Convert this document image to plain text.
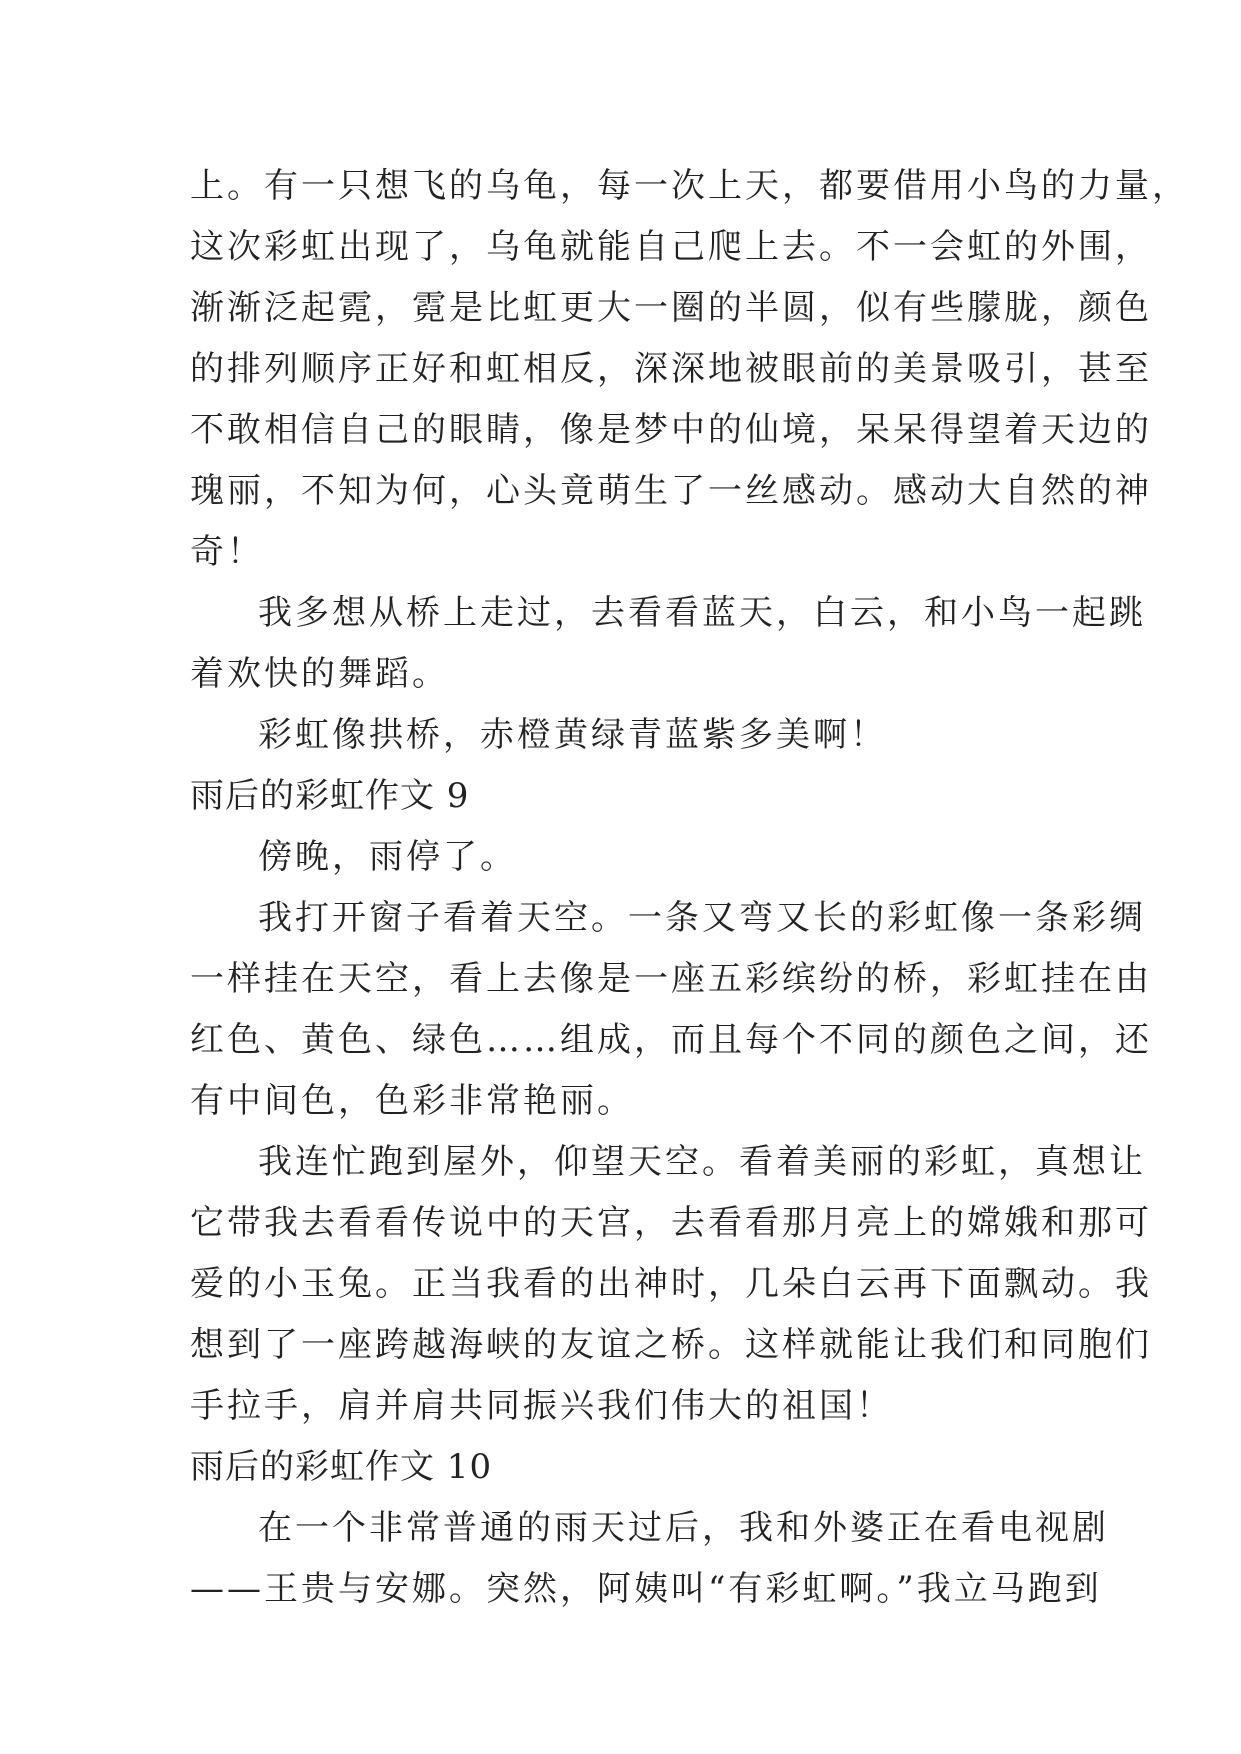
上。有一只想飞的乌龟，每一次上天，都要借用小鸟的力量，
这次彩虹出现了，乌龟就能自己爬上去。不一会虹的外围，
渐渐泛起霓，霓是比虹更大一圈的半圆，似有些朦胧，颜色
的排列顺序正好和虹相反，深深地被眼前的美景吸引，甚至
不敢相信自己的眼睛，像是梦中的仙境，呆呆得望着天边的
瑰丽，不知为何，心头竟萌生了一丝感动。感动大自然的神
奇！
我多想从桥上走过，去看看蓝天，白云，和小鸟一起跳
着欢快的舞蹈。
彩虹像拱桥，赤橙黄绿青蓝紫多美啊！
雨后的彩虹作文 9
傍晚，雨停了。
我打开窗子看着天空。一条又弯又长的彩虹像一条彩绸
一样挂在天空，看上去像是一座五彩缤纷的桥，彩虹挂在由
红色、黄色、绿色……组成，而且每个不同的颜色之间，还
有中间色，色彩非常艳丽。
我连忙跑到屋外，仰望天空。看着美丽的彩虹，真想让
它带我去看看传说中的天宫，去看看那月亮上的嫦娥和那可
爱的小玉兔。正当我看的出神时，几朵白云再下面飘动。我
想到了一座跨越海峡的友谊之桥。这样就能让我们和同胞们
手拉手，肩并肩共同振兴我们伟大的祖国！
雨后的彩虹作文 10
在一个非常普通的雨天过后，我和外婆正在看电视剧
——王贵与安娜。突然，阿姨叫“有彩虹啊。”我立马跑到
